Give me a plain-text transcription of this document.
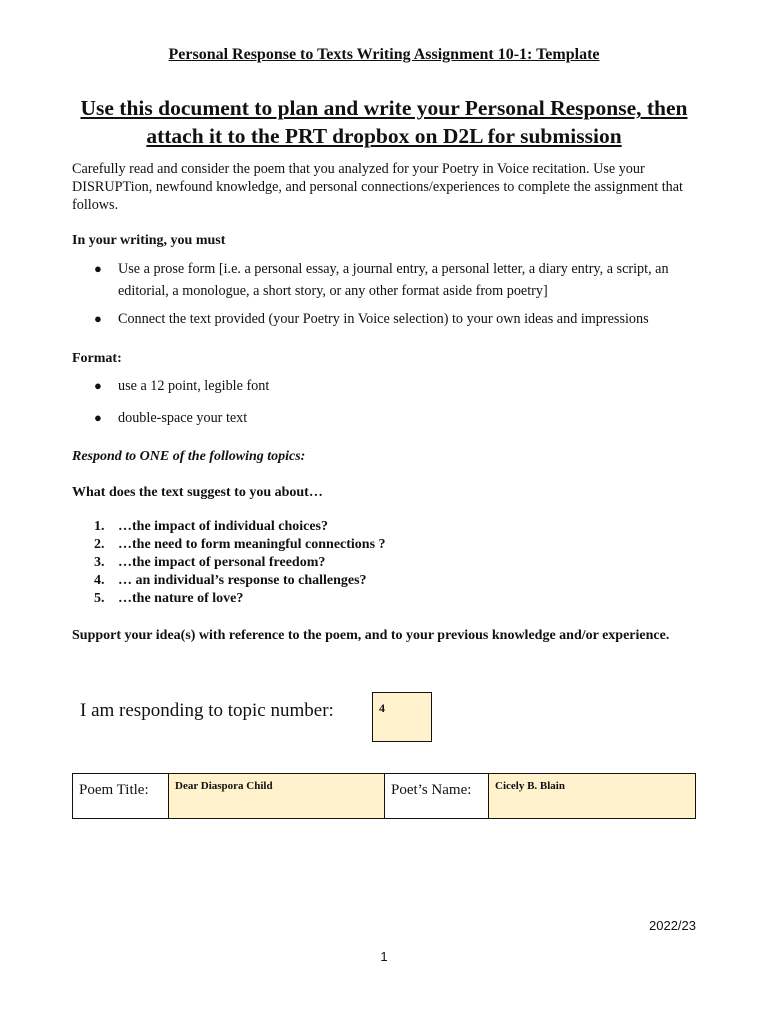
Personal Response to Texts Writing Assignment 10-1: Template
Use this document to plan and write your Personal Response, then attach it to the PRT dropbox on D2L for submission
Carefully read and consider the poem that you analyzed for your Poetry in Voice recitation. Use your DISRUPTion, newfound knowledge, and personal connections/experiences to complete the assignment that follows.
In your writing, you must
● Use a prose form [i.e. a personal essay, a journal entry, a personal letter, a diary entry, a script, an editorial, a monologue, a short story, or any other format aside from poetry]
● Connect the text provided (your Poetry in Voice selection) to your own ideas and impressions
Format:
● use a 12 point, legible font
● double-space your text
Respond to ONE of the following topics:
What does the text suggest to you about…
1. …the impact of individual choices?
2. …the need to form meaningful connections ?
3. …the impact of personal freedom?
4. … an individual’s response to challenges?
5. …the nature of love?
Support your idea(s) with reference to the poem, and to your previous knowledge and/or experience.
I am responding to topic number:	4
Poem Title:	Dear Diaspora Child	Poet’s Name:	Cicely B. Blain
2022/23
1
